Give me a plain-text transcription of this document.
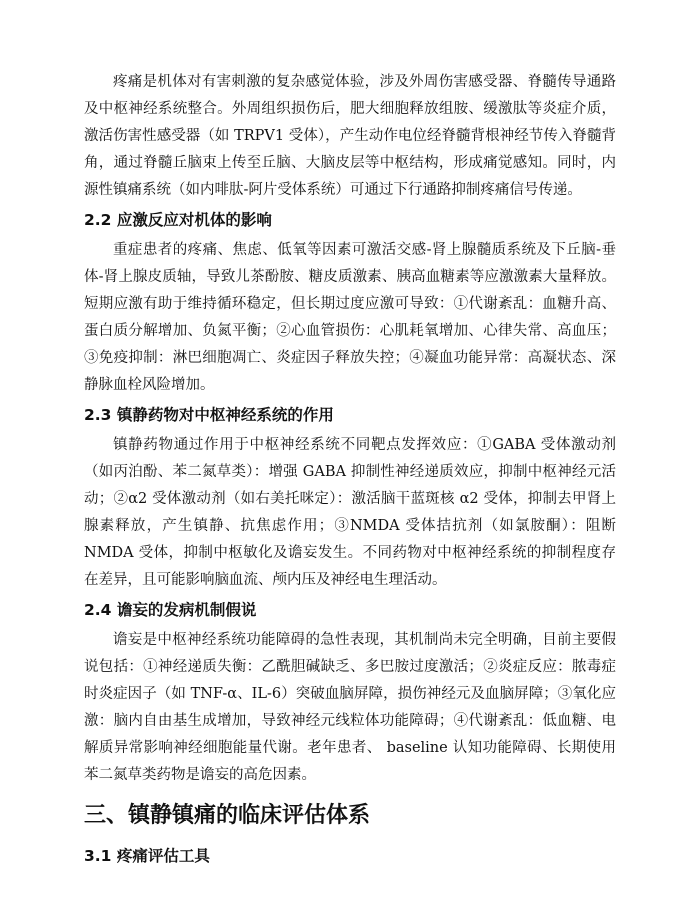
疼痛是机体对有害刺激的复杂感觉体验，涉及外周伤害感受器、脊髓传导通路及中枢神经系统整合。外周组织损伤后，肥大细胞释放组胺、缓激肽等炎症介质，激活伤害性感受器（如 TRPV1 受体），产生动作电位经脊髓背根神经节传入脊髓背角，通过脊髓丘脑束上传至丘脑、大脑皮层等中枢结构，形成痛觉感知。同时，内源性镇痛系统（如内啡肽-阿片受体系统）可通过下行通路抑制疼痛信号传递。

2.2 应激反应对机体的影响

重症患者的疼痛、焦虑、低氧等因素可激活交感-肾上腺髓质系统及下丘脑-垂体-肾上腺皮质轴，导致儿茶酚胺、糖皮质激素、胰高血糖素等应激激素大量释放。短期应激有助于维持循环稳定，但长期过度应激可导致：①代谢紊乱：血糖升高、蛋白质分解增加、负氮平衡；②心血管损伤：心肌耗氧增加、心律失常、高血压；③免疫抑制：淋巴细胞凋亡、炎症因子释放失控；④凝血功能异常：高凝状态、深静脉血栓风险增加。

2.3 镇静药物对中枢神经系统的作用

镇静药物通过作用于中枢神经系统不同靶点发挥效应：①GABA 受体激动剂（如丙泊酚、苯二氮草类）：增强 GABA 抑制性神经递质效应，抑制中枢神经元活动；②α2 受体激动剂（如右美托咪定）：激活脑干蓝斑核 α2 受体，抑制去甲肾上腺素释放，产生镇静、抗焦虑作用；③NMDA 受体拮抗剂（如氯胺酮）：阻断 NMDA 受体，抑制中枢敏化及谵妄发生。不同药物对中枢神经系统的抑制程度存在差异，且可能影响脑血流、颅内压及神经电生理活动。

2.4 谵妄的发病机制假说

谵妄是中枢神经系统功能障碍的急性表现，其机制尚未完全明确，目前主要假说包括：①神经递质失衡：乙酰胆碱缺乏、多巴胺过度激活；②炎症反应：脓毒症时炎症因子（如 TNF-α、IL-6）突破血脑屏障，损伤神经元及血脑屏障；③氧化应激：脑内自由基生成增加，导致神经元线粒体功能障碍；④代谢紊乱：低血糖、电解质异常影响神经细胞能量代谢。老年患者、 baseline 认知功能障碍、长期使用苯二氮草类药物是谵妄的高危因素。

三、镇静镇痛的临床评估体系
3.1 疼痛评估工具
